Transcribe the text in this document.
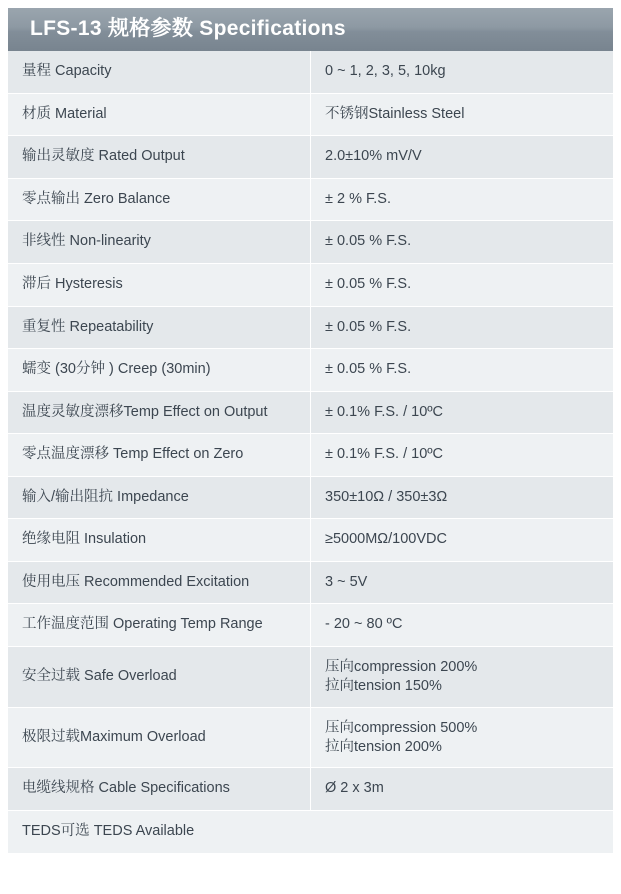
LFS-13 规格参数 Specifications	
量程 Capacity	0 ~ 1, 2, 3, 5, 10kg
材质 Material	不锈钢Stainless Steel
输出灵敏度 Rated Output	2.0±10% mV/V
零点输出 Zero Balance	± 2 % F.S.
非线性 Non-linearity	± 0.05 % F.S.
滞后 Hysteresis	± 0.05 % F.S.
重复性 Repeatability	± 0.05 % F.S.
蠕变 (30分钟 ) Creep (30min)	± 0.05 % F.S.
温度灵敏度漂移Temp Effect on Output	± 0.1% F.S. / 10ºC
零点温度漂移 Temp Effect on Zero	± 0.1% F.S. / 10ºC
输入/输出阻抗 Impedance	350±10Ω / 350±3Ω
绝缘电阻 Insulation	≥5000MΩ/100VDC
使用电压 Recommended Excitation	3 ~ 5V
工作温度范围 Operating Temp Range	- 20 ~ 80 ºC
安全过载 Safe Overload	压向compression 200%
拉向tension 150%

极限过载Maximum Overload	压向compression 500%
拉向tension 200%

电缆线规格 Cable Specifications	Ø 2 x 3m
TEDS可选 TEDS Available	
